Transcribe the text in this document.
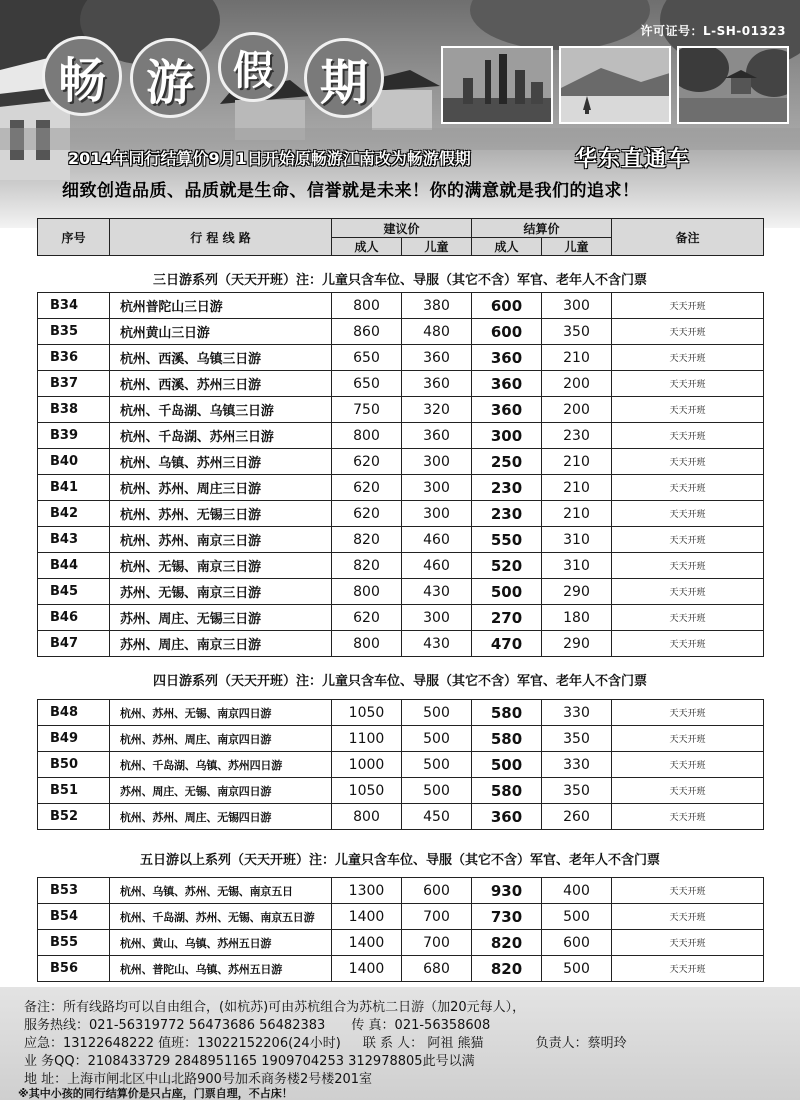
许可证号：L-SH-01323
畅 游 假 期
2014年同行结算价9月1日开始原畅游江南改为畅游假期	华东直通车
细致创造品质、品质就是生命、信誉就是未来！你的满意就是我们的追求！
序号	行 程 线 路	建议价		结算价		备注
		成人	儿童	成人	儿童	
三日游系列（天天开班）注：儿童只含车位、导服（其它不含）军官、老年人不含门票
B34	杭州普陀山三日游	800	380	600	300	天天开班
B35	杭州黄山三日游	860	480	600	350	天天开班
B36	杭州、西溪、乌镇三日游	650	360	360	210	天天开班
B37	杭州、西溪、苏州三日游	650	360	360	200	天天开班
B38	杭州、千岛湖、乌镇三日游	750	320	360	200	天天开班
B39	杭州、千岛湖、苏州三日游	800	360	300	230	天天开班
B40	杭州、乌镇、苏州三日游	620	300	250	210	天天开班
B41	杭州、苏州、周庄三日游	620	300	230	210	天天开班
B42	杭州、苏州、无锡三日游	620	300	230	210	天天开班
B43	杭州、苏州、南京三日游	820	460	550	310	天天开班
B44	杭州、无锡、南京三日游	820	460	520	310	天天开班
B45	苏州、无锡、南京三日游	800	430	500	290	天天开班
B46	苏州、周庄、无锡三日游	620	300	270	180	天天开班
B47	苏州、周庄、南京三日游	800	430	470	290	天天开班
四日游系列（天天开班）注：儿童只含车位、导服（其它不含）军官、老年人不含门票
B48	杭州、苏州、无锡、南京四日游	1050	500	580	330	天天开班
B49	杭州、苏州、周庄、南京四日游	1100	500	580	350	天天开班
B50	杭州、千岛湖、乌镇、苏州四日游	1000	500	500	330	天天开班
B51	苏州、周庄、无锡、南京四日游	1050	500	580	350	天天开班
B52	杭州、苏州、周庄、无锡四日游	800	450	360	260	天天开班
五日游以上系列（天天开班）注：儿童只含车位、导服（其它不含）军官、老年人不含门票
B53	杭州、乌镇、苏州、无锡、南京五日	1300	600	930	400	天天开班
B54	杭州、千岛湖、苏州、无锡、南京五日游	1400	700	730	500	天天开班
B55	杭州、黄山、乌镇、苏州五日游	1400	700	820	600	天天开班
B56	杭州、普陀山、乌镇、苏州五日游	1400	680	820	500	天天开班
备注：所有线路均可以自由组合，(如杭苏)可由苏杭组合为苏杭二日游（加20元每人），
服务热线：021-56319772 56473686 56482383 传 真：021-56358608
应急：13122648222 值班：13022152206(24小时) 联 系 人： 阿祖 熊猫	负责人：蔡明玲
业 务QQ：2108433729 2848951165 1909704253 312978805此号以满
地 址：上海市闸北区中山北路900号加禾商务楼2号楼201室
※其中小孩的同行结算价是只占座，门票自理，不占床！
